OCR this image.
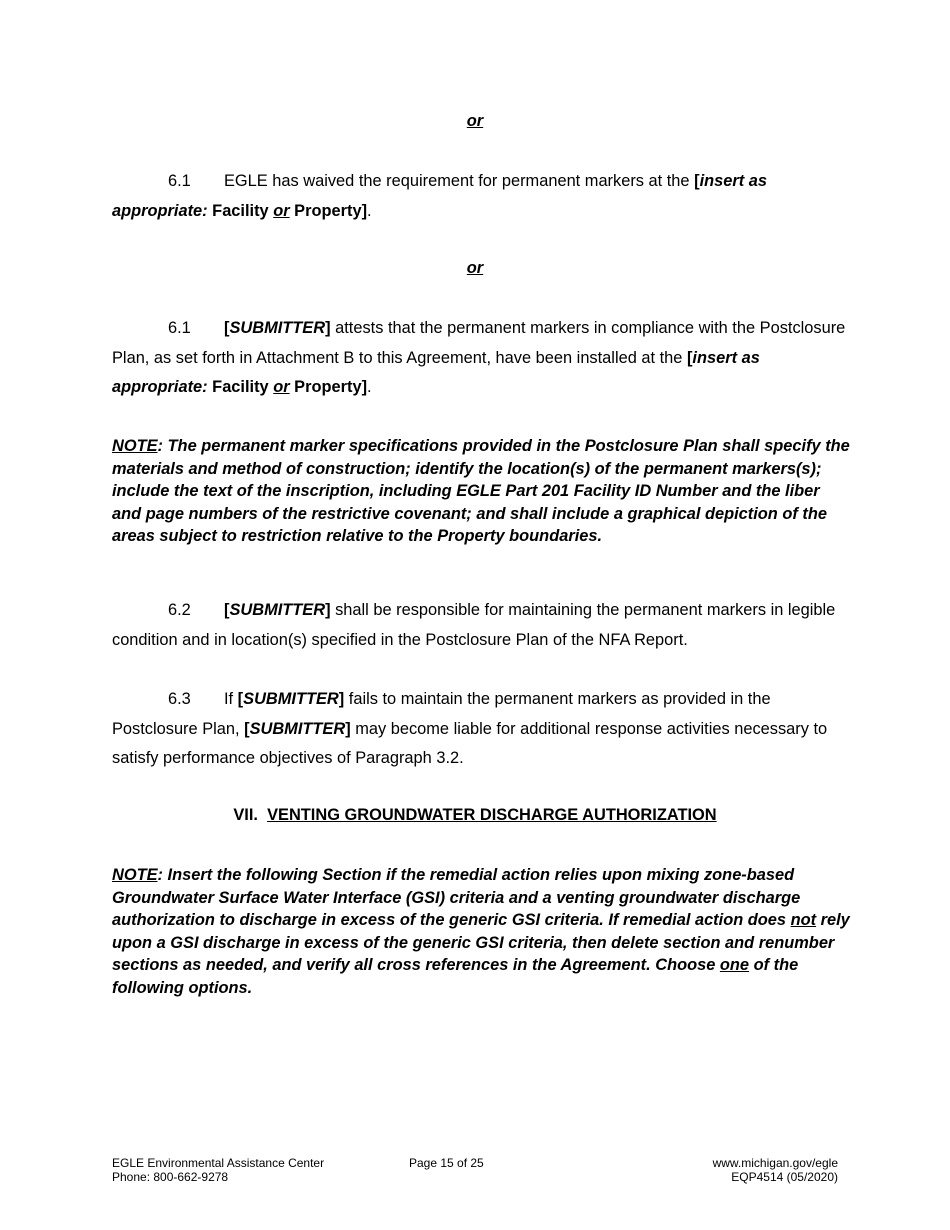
or
6.1 EGLE has waived the requirement for permanent markers at the [insert as appropriate: Facility or Property].
or
6.1 [SUBMITTER] attests that the permanent markers in compliance with the Postclosure Plan, as set forth in Attachment B to this Agreement, have been installed at the [insert as appropriate: Facility or Property].
NOTE: The permanent marker specifications provided in the Postclosure Plan shall specify the materials and method of construction; identify the location(s) of the permanent markers(s); include the text of the inscription, including EGLE Part 201 Facility ID Number and the liber and page numbers of the restrictive covenant; and shall include a graphical depiction of the areas subject to restriction relative to the Property boundaries.
6.2 [SUBMITTER] shall be responsible for maintaining the permanent markers in legible condition and in location(s) specified in the Postclosure Plan of the NFA Report.
6.3 If [SUBMITTER] fails to maintain the permanent markers as provided in the Postclosure Plan, [SUBMITTER] may become liable for additional response activities necessary to satisfy performance objectives of Paragraph 3.2.
VII. VENTING GROUNDWATER DISCHARGE AUTHORIZATION
NOTE: Insert the following Section if the remedial action relies upon mixing zone-based Groundwater Surface Water Interface (GSI) criteria and a venting groundwater discharge authorization to discharge in excess of the generic GSI criteria. If remedial action does not rely upon a GSI discharge in excess of the generic GSI criteria, then delete section and renumber sections as needed, and verify all cross references in the Agreement. Choose one of the following options.
EGLE Environmental Assistance Center
Phone: 800-662-9278
Page 15 of 25	www.michigan.gov/egle
EQP4514 (05/2020)
